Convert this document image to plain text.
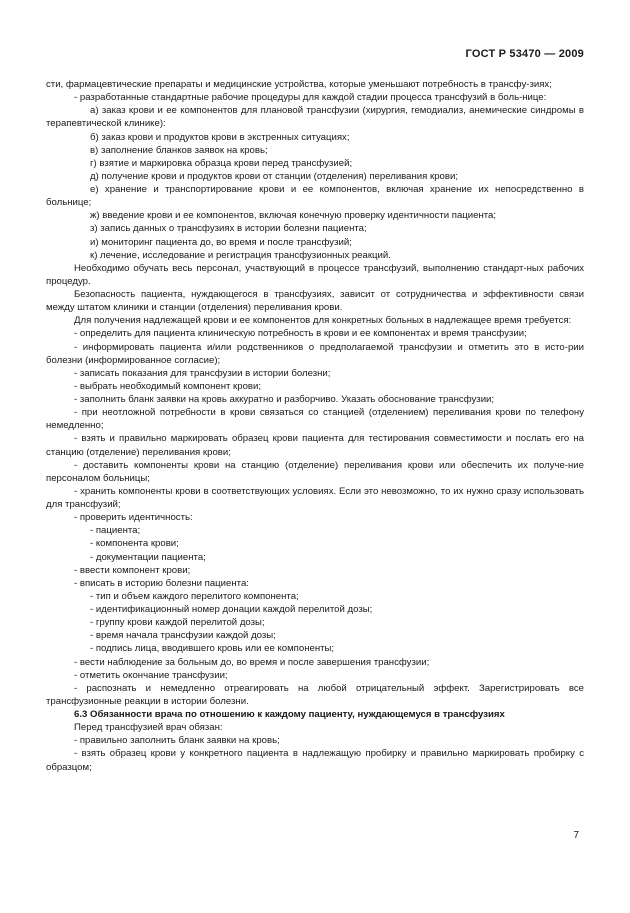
ГОСТ Р 53470 — 2009

сти, фармацевтические препараты и медицинские устройства, которые уменьшают потребность в трансфу-зиях;

- разработанные стандартные рабочие процедуры для каждой стадии процесса трансфузий в боль-нице:

а) заказ крови и ее компонентов для плановой трансфузии (хирургия, гемодиализ, анемические синдромы в терапевтической клинике):

б) заказ крови и продуктов крови в экстренных ситуациях;

в) заполнение бланков заявок на кровь;

г) взятие и маркировка образца крови перед трансфузией;

д) получение крови и продуктов крови от станции (отделения) переливания крови;

е) хранение и транспортирование крови и ее компонентов, включая хранение их непосредственно в больнице;

ж) введение крови и ее компонентов, включая конечную проверку идентичности пациента;

з) запись данных о трансфузиях в истории болезни пациента;

и) мониторинг пациента до, во время и после трансфузий;

к) лечение, исследование и регистрация трансфузионных реакций.

Необходимо обучать весь персонал, участвующий в процессе трансфузий, выполнению стандарт-ных рабочих процедур.

Безопасность пациента, нуждающегося в трансфузиях, зависит от сотрудничества и эффективности связи между штатом клиники и станции (отделения) переливания крови.

Для получения надлежащей крови и ее компонентов для конкретных больных в надлежащее время требуется:

- определить для пациента клиническую потребность в крови и ее компонентах и время трансфузии;

- информировать пациента и/или родственников о предполагаемой трансфузии и отметить это в исто-рии болезни (информированное согласие);

- записать показания для трансфузии в истории болезни;

- выбрать необходимый компонент крови;

- заполнить бланк заявки на кровь аккуратно и разборчиво. Указать обоснование трансфузии;

- при неотложной потребности в крови связаться со станцией (отделением) переливания крови по телефону немедленно;

- взять и правильно маркировать образец крови пациента для тестирования совместимости и послать его на станцию (отделение) переливания крови;

- доставить компоненты крови на станцию (отделение) переливания крови или обеспечить их получе-ние персоналом больницы;

- хранить компоненты крови в соответствующих условиях. Если это невозможно, то их нужно сразу использовать для трансфузий;

- проверить идентичность:

- пациента;

- компонента крови;

- документации пациента;

- ввести компонент крови;

- вписать в историю болезни пациента:

- тип и объем каждого перелитого компонента;

- идентификационный номер донации каждой перелитой дозы;

- группу крови каждой перелитой дозы;

- время начала трансфузии каждой дозы;

- подпись лица, вводившего кровь или ее компоненты;

- вести наблюдение за больным до, во время и после завершения трансфузии;

- отметить окончание трансфузии;

- распознать и немедленно отреагировать на любой отрицательный эффект. Зарегистрировать все трансфузионные реакции в истории болезни.

6.3 Обязанности врача по отношению к каждому пациенту, нуждающемуся в трансфузиях

Перед трансфузией врач обязан:

- правильно заполнить бланк заявки на кровь;

- взять образец крови у конкретного пациента в надлежащую пробирку и правильно маркировать пробирку с образцом;

7
